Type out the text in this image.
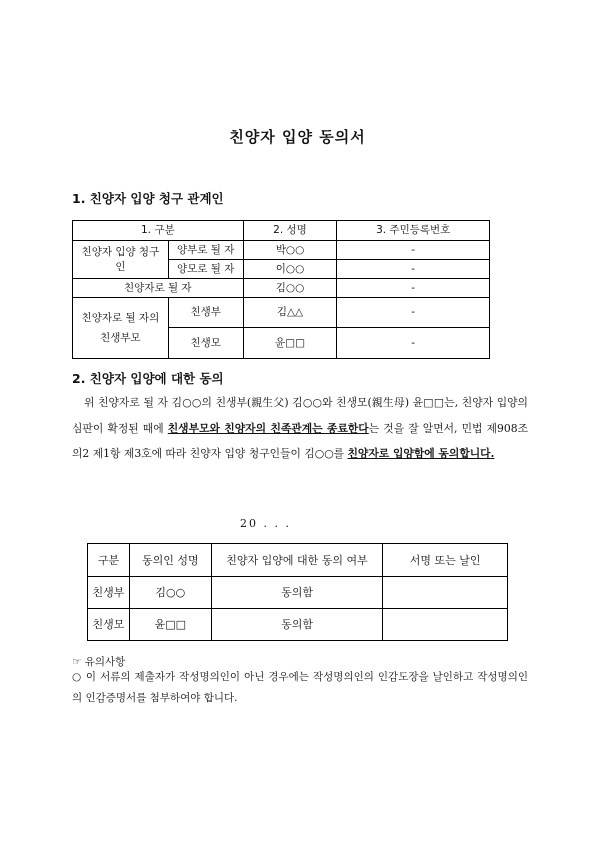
친양자 입양 동의서
1. 친양자 입양 청구 관계인
1. 구분		2. 성명	3. 주민등록번호
친양자 입양 청구인	양부로 될 자	박○○	-
	양모로 될 자	이○○	-
친양자로 될 자		김○○	-
친양자로 될 자의 친생부모	친생부	김△△	-
	친생모	윤□□	-
2. 친양자 입양에 대한 동의
위 친양자로 될 자 김○○의 친생부(親生父) 김○○와 친생모(親生母) 윤□□는, 친양자 입양의 심판이 확정된 때에 친생부모와 친양자의 친족관계는 종료한다는 것을 잘 알면서, 민법 제908조의2 제1항 제3호에 따라 친양자 입양 청구인들이 김○○를 친양자로 입양함에 동의합니다.
20 . . .
구분	동의인 성명	친양자 입양에 대한 동의 여부	서명 또는 날인
친생부	김○○	동의함	
친생모	윤□□	동의함	
☞ 유의사항
○ 이 서류의 제출자가 작성명의인이 아닌 경우에는 작성명의인의 인감도장을 날인하고 작성명의인의 인감증명서를 첨부하여야 합니다.
